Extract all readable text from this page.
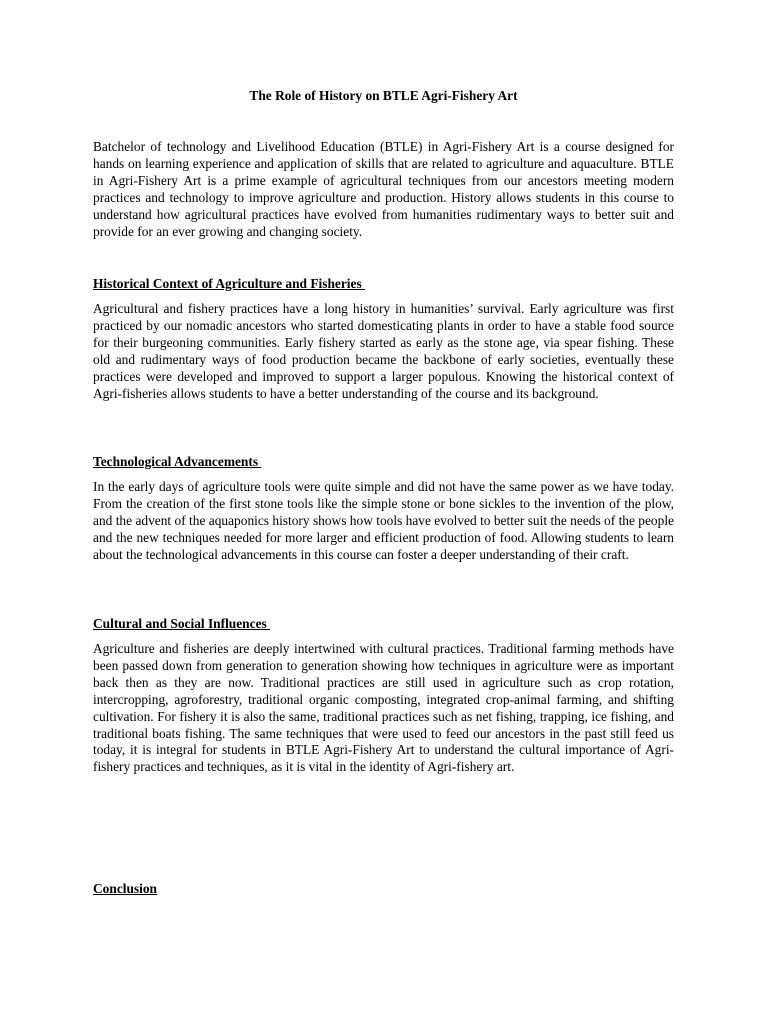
The Role of History on BTLE Agri-Fishery Art

Batchelor of technology and Livelihood Education (BTLE) in Agri-Fishery Art is a course designed for hands on learning experience and application of skills that are related to agriculture and aquaculture. BTLE in Agri-Fishery Art is a prime example of agricultural techniques from our ancestors meeting modern practices and technology to improve agriculture and production. History allows students in this course to understand how agricultural practices have evolved from humanities rudimentary ways to better suit and provide for an ever growing and changing society.

Historical Context of Agriculture and Fisheries

Agricultural and fishery practices have a long history in humanities’ survival. Early agriculture was first practiced by our nomadic ancestors who started domesticating plants in order to have a stable food source for their burgeoning communities. Early fishery started as early as the stone age, via spear fishing. These old and rudimentary ways of food production became the backbone of early societies, eventually these practices were developed and improved to support a larger populous. Knowing the historical context of Agri-fisheries allows students to have a better understanding of the course and its background.

Technological Advancements

In the early days of agriculture tools were quite simple and did not have the same power as we have today. From the creation of the first stone tools like the simple stone or bone sickles to the invention of the plow, and the advent of the aquaponics history shows how tools have evolved to better suit the needs of the people and the new techniques needed for more larger and efficient production of food. Allowing students to learn about the technological advancements in this course can foster a deeper understanding of their craft.

Cultural and Social Influences

Agriculture and fisheries are deeply intertwined with cultural practices. Traditional farming methods have been passed down from generation to generation showing how techniques in agriculture were as important back then as they are now. Traditional practices are still used in agriculture such as crop rotation, intercropping, agroforestry, traditional organic composting, integrated crop-animal farming, and shifting cultivation. For fishery it is also the same, traditional practices such as net fishing, trapping, ice fishing, and traditional boats fishing. The same techniques that were used to feed our ancestors in the past still feed us today, it is integral for students in BTLE Agri-Fishery Art to understand the cultural importance of Agri-fishery practices and techniques, as it is vital in the identity of Agri-fishery art.

Conclusion
